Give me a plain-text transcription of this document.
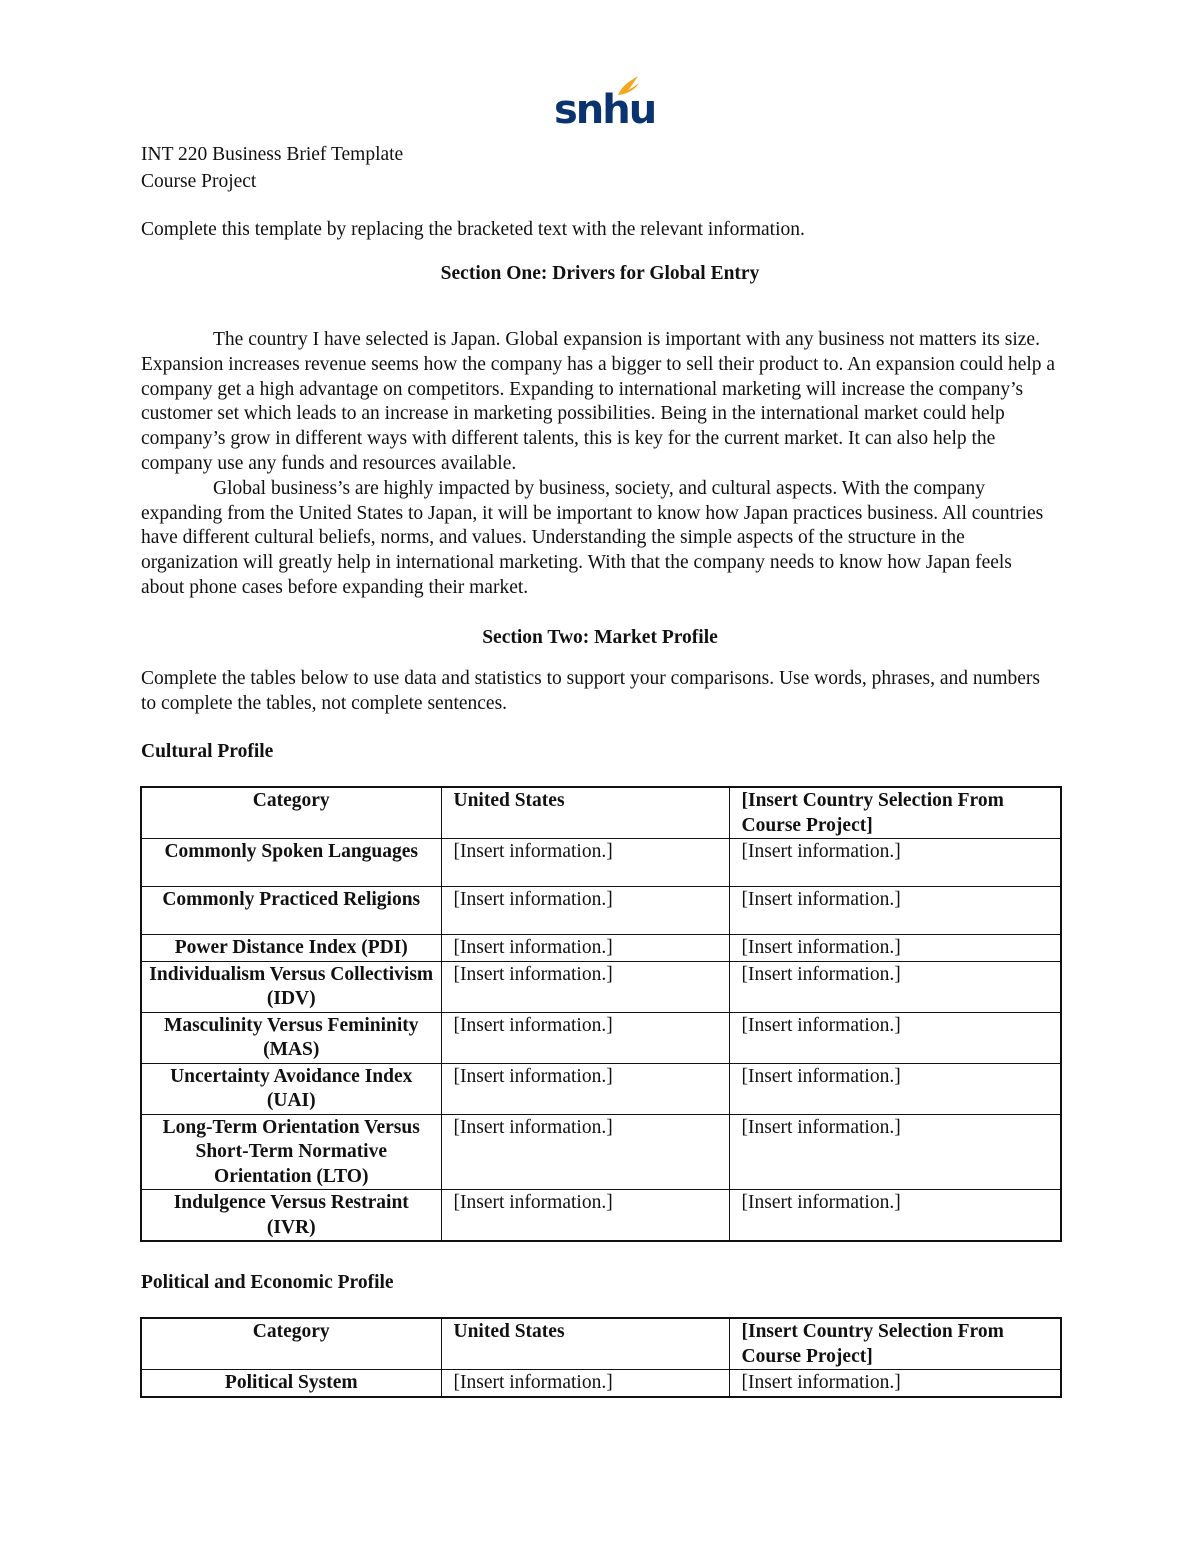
snhu
INT 220 Business Brief Template
Course Project
Complete this template by replacing the bracketed text with the relevant information.
Section One: Drivers for Global Entry

The country I have selected is Japan. Global expansion is important with any business not matters its size. Expansion increases revenue seems how the company has a bigger to sell their product to. An expansion could help a company get a high advantage on competitors. Expanding to international marketing will increase the company’s customer set which leads to an increase in marketing possibilities. Being in the international market could help company’s grow in different ways with different talents, this is key for the current market. It can also help the company use any funds and resources available.

Global business’s are highly impacted by business, society, and cultural aspects. With the company expanding from the United States to Japan, it will be important to know how Japan practices business. All countries have different cultural beliefs, norms, and values. Understanding the simple aspects of the structure in the organization will greatly help in international marketing. With that the company needs to know how Japan feels about phone cases before expanding their market.

Section Two: Market Profile

Complete the tables below to use data and statistics to support your comparisons. Use words, phrases, and numbers to complete the tables, not complete sentences.

Cultural Profile
Category	United States	[Insert Country Selection From Course Project]
Commonly Spoken Languages	[Insert information.]	[Insert information.]
Commonly Practiced Religions	[Insert information.]	[Insert information.]
Power Distance Index (PDI)	[Insert information.]	[Insert information.]
Individualism Versus Collectivism (IDV)	[Insert information.]	[Insert information.]
Masculinity Versus Femininity (MAS)	[Insert information.]	[Insert information.]
Uncertainty Avoidance Index (UAI)	[Insert information.]	[Insert information.]
Long-Term Orientation Versus Short-Term Normative Orientation (LTO)	[Insert information.]	[Insert information.]
Indulgence Versus Restraint (IVR)	[Insert information.]	[Insert information.]
Political and Economic Profile
Category	United States	[Insert Country Selection From Course Project]
Political System	[Insert information.]	[Insert information.]
